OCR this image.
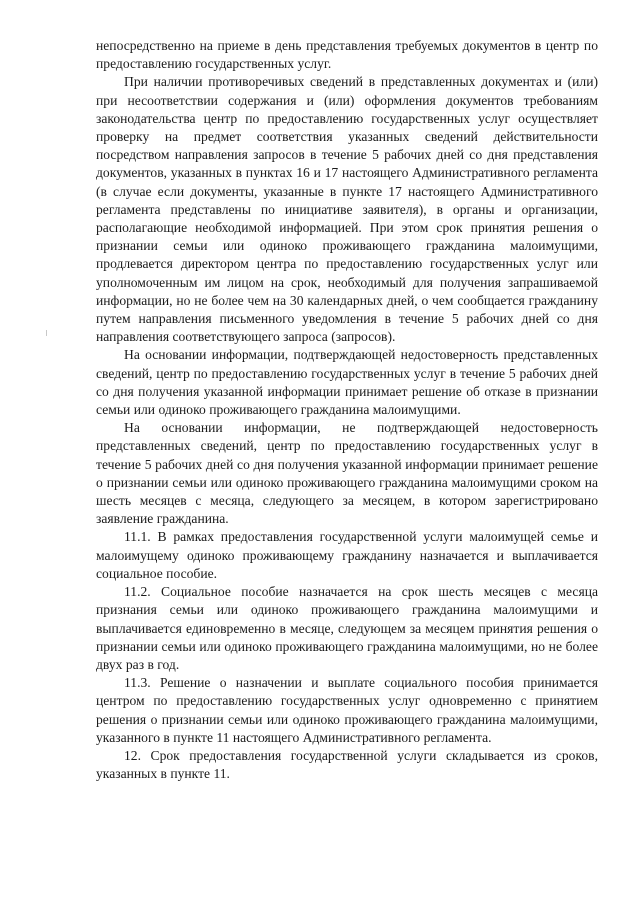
непосредственно на приеме в день представления требуемых документов в центр по предоставлению государственных услуг.

При наличии противоречивых сведений в представленных документах и (или) при несоответствии содержания и (или) оформления документов требованиям законодательства центр по предоставлению государственных услуг осуществляет проверку на предмет соответствия указанных сведений действительности посредством направления запросов в течение 5 рабочих дней со дня представления документов, указанных в пунктах 16 и 17 настоящего Административного регламента (в случае если документы, указанные в пункте 17 настоящего Административного регламента представлены по инициативе заявителя), в органы и организации, располагающие необходимой информацией. При этом срок принятия решения о признании семьи или одиноко проживающего гражданина малоимущими, продлевается директором центра по предоставлению государственных услуг или уполномоченным им лицом на срок, необходимый для получения запрашиваемой информации, но не более чем на 30 календарных дней, о чем сообщается гражданину путем направления письменного уведомления в течение 5 рабочих дней со дня направления соответствующего запроса (запросов).

На основании информации, подтверждающей недостоверность представленных сведений, центр по предоставлению государственных услуг в течение 5 рабочих дней со дня получения указанной информации принимает решение об отказе в признании семьи или одиноко проживающего гражданина малоимущими.

На основании информации, не подтверждающей недостоверность представленных сведений, центр по предоставлению государственных услуг в течение 5 рабочих дней со дня получения указанной информации принимает решение о признании семьи или одиноко проживающего гражданина малоимущими сроком на шесть месяцев с месяца, следующего за месяцем, в котором зарегистрировано заявление гражданина.

11.1. В рамках предоставления государственной услуги малоимущей семье и малоимущему одиноко проживающему гражданину назначается и выплачивается социальное пособие.

11.2. Социальное пособие назначается на срок шесть месяцев с месяца признания семьи или одиноко проживающего гражданина малоимущими и выплачивается единовременно в месяце, следующем за месяцем принятия решения о признании семьи или одиноко проживающего гражданина малоимущими, но не более двух раз в год.

11.3. Решение о назначении и выплате социального пособия принимается центром по предоставлению государственных услуг одновременно с принятием решения о признании семьи или одиноко проживающего гражданина малоимущими, указанного в пункте 11 настоящего Административного регламента.

12. Срок предоставления государственной услуги складывается из сроков, указанных в пункте 11.
